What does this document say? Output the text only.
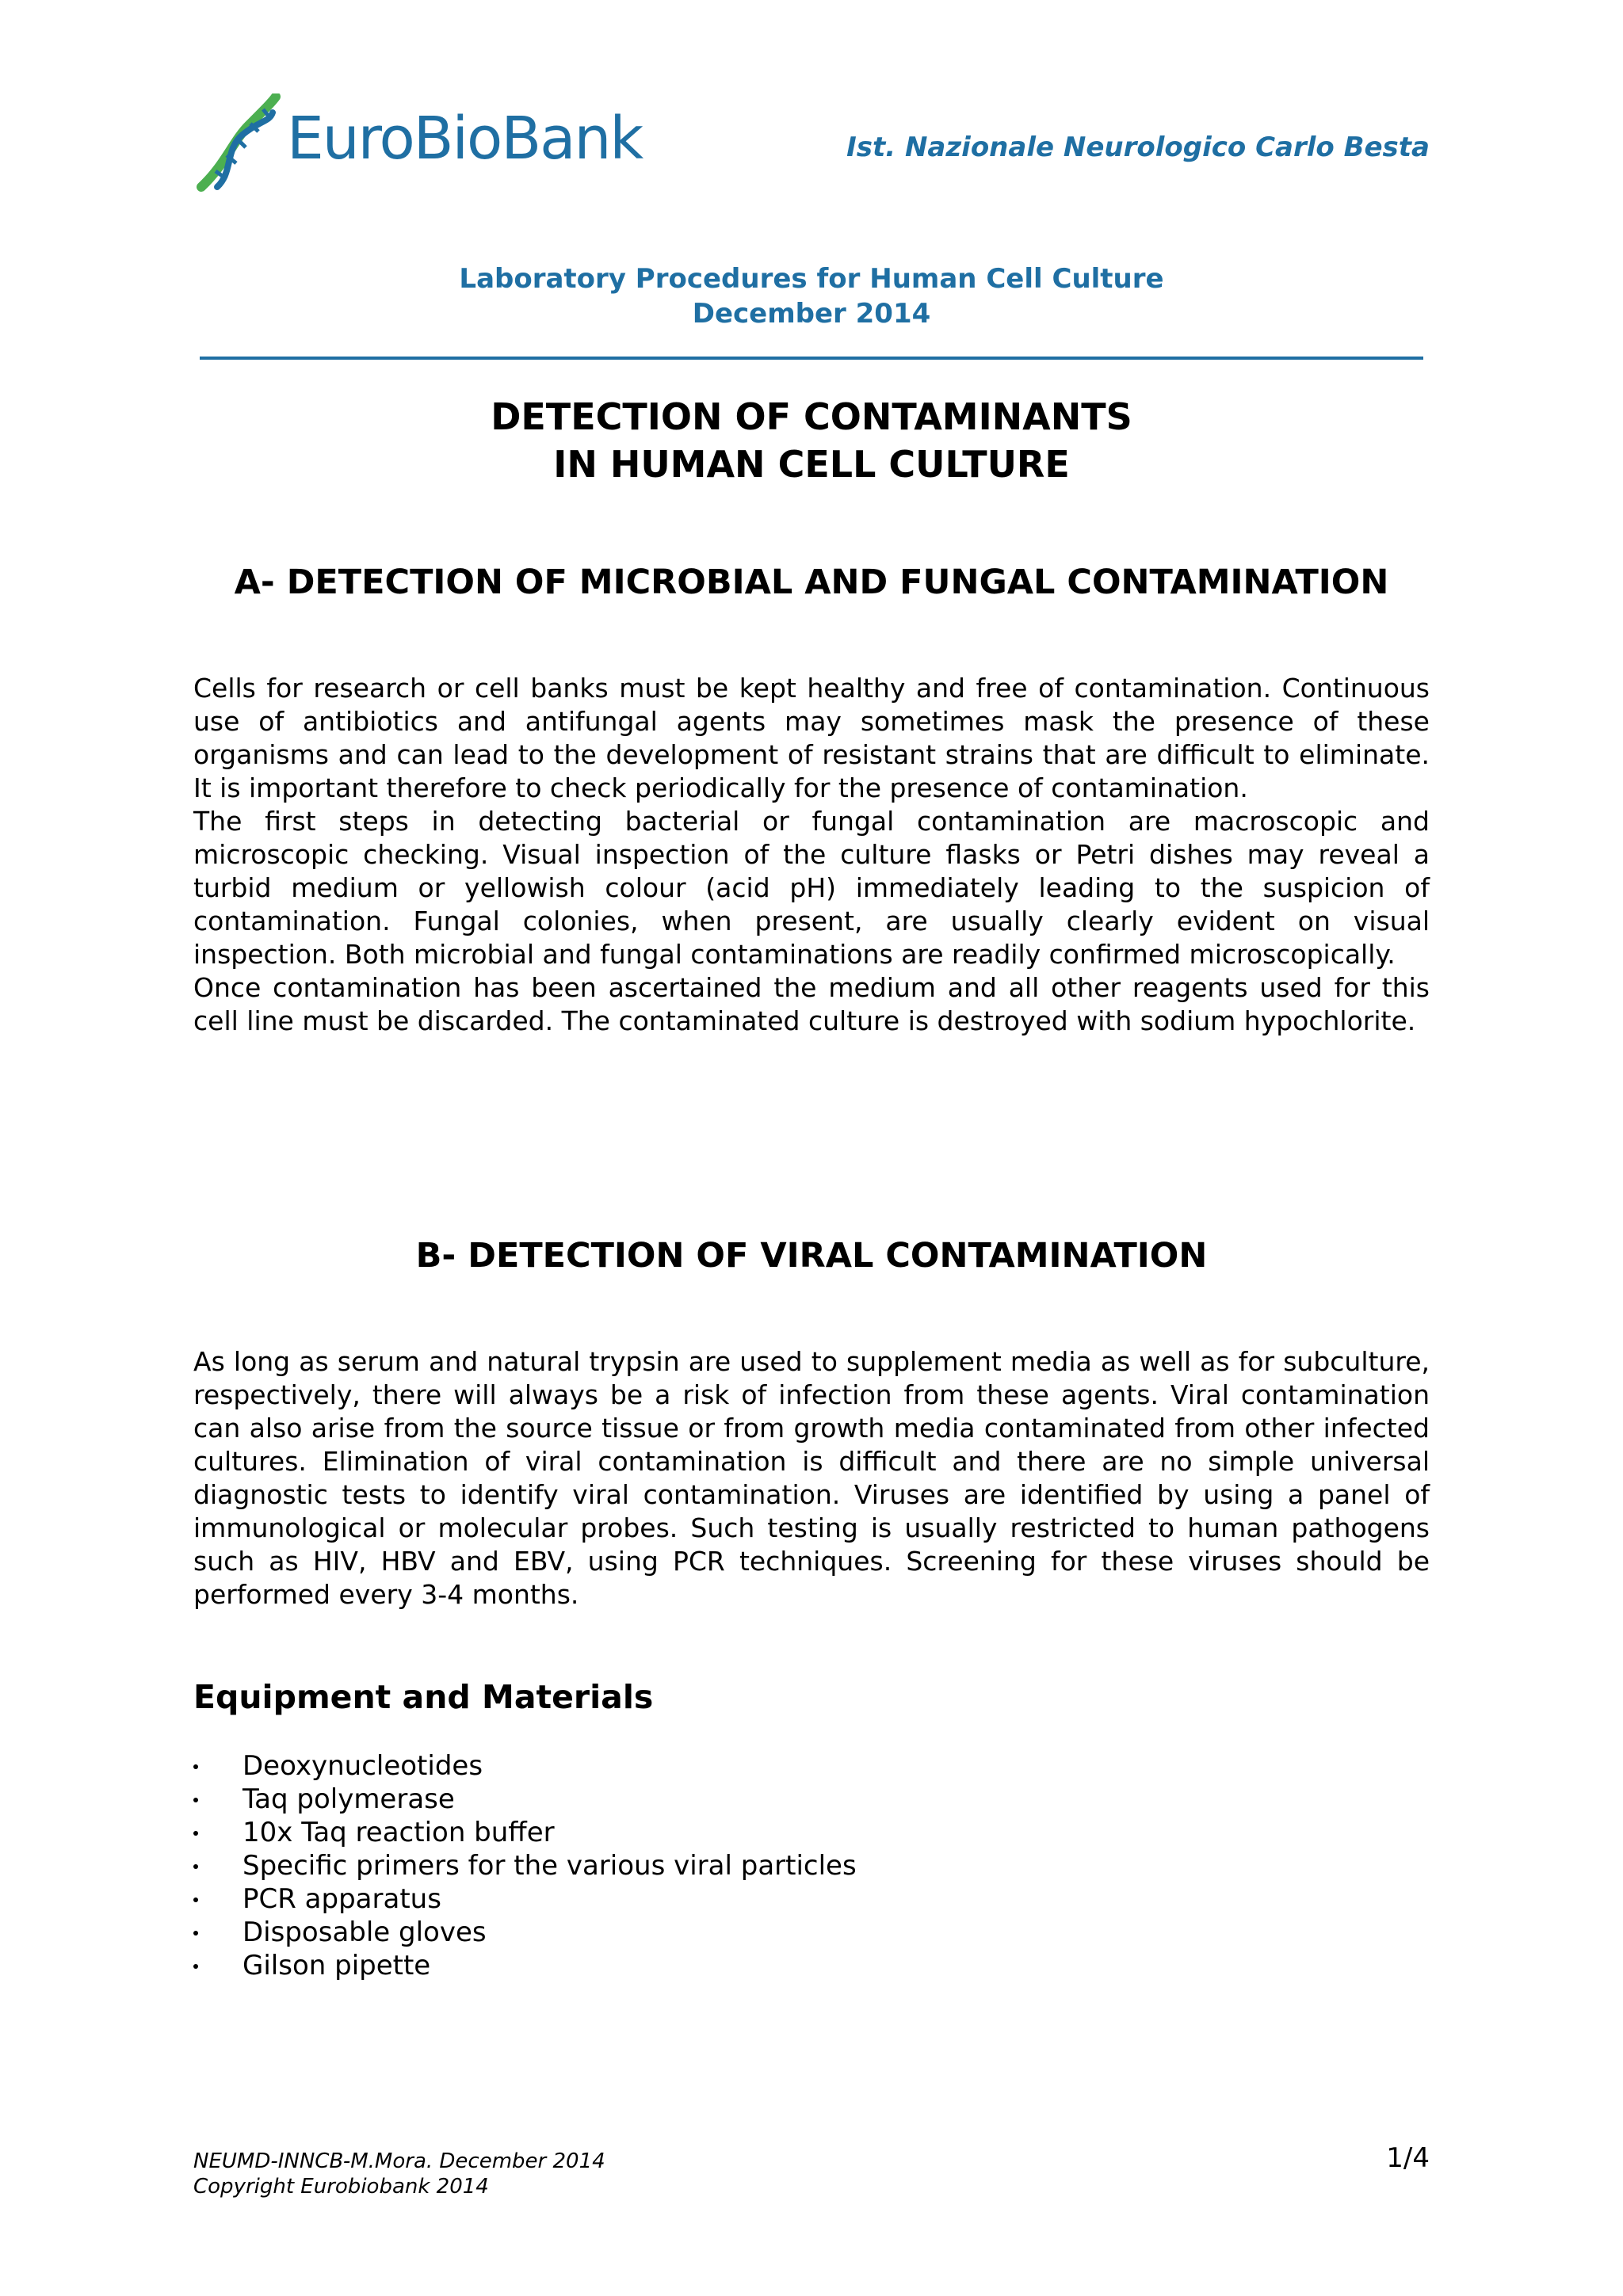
EuroBioBank	Ist. Nazionale Neurologico Carlo Besta
Laboratory Procedures for Human Cell Culture
December 2014
DETECTION OF CONTAMINANTS
IN HUMAN CELL CULTURE
A- DETECTION OF MICROBIAL AND FUNGAL CONTAMINATION

Cells for research or cell banks must be kept healthy and free of contamination. Continuous use of antibiotics and antifungal agents may sometimes mask the presence of these organisms and can lead to the development of resistant strains that are difficult to eliminate. It is important therefore to check periodically for the presence of contamination.

The first steps in detecting bacterial or fungal contamination are macroscopic and microscopic checking. Visual inspection of the culture flasks or Petri dishes may reveal a turbid medium or yellowish colour (acid pH) immediately leading to the suspicion of contamination. Fungal colonies, when present, are usually clearly evident on visual inspection. Both microbial and fungal contaminations are readily confirmed microscopically.

Once contamination has been ascertained the medium and all other reagents used for this cell line must be discarded. The contaminated culture is destroyed with sodium hypochlorite.

B- DETECTION OF VIRAL CONTAMINATION

As long as serum and natural trypsin are used to supplement media as well as for subculture, respectively, there will always be a risk of infection from these agents. Viral contamination can also arise from the source tissue or from growth media contaminated from other infected cultures. Elimination of viral contamination is difficult and there are no simple universal diagnostic tests to identify viral contamination. Viruses are identified by using a panel of immunological or molecular probes. Such testing is usually restricted to human pathogens such as HIV, HBV and EBV, using PCR techniques. Screening for these viruses should be performed every 3-4 months.

Equipment and Materials
Deoxynucleotides
Taq polymerase
10x Taq reaction buffer
Specific primers for the various viral particles
PCR apparatus
Disposable gloves
Gilson pipette
NEUMD-INNCB-M.Mora. December 2014
Copyright Eurobiobank 2014
1/4
